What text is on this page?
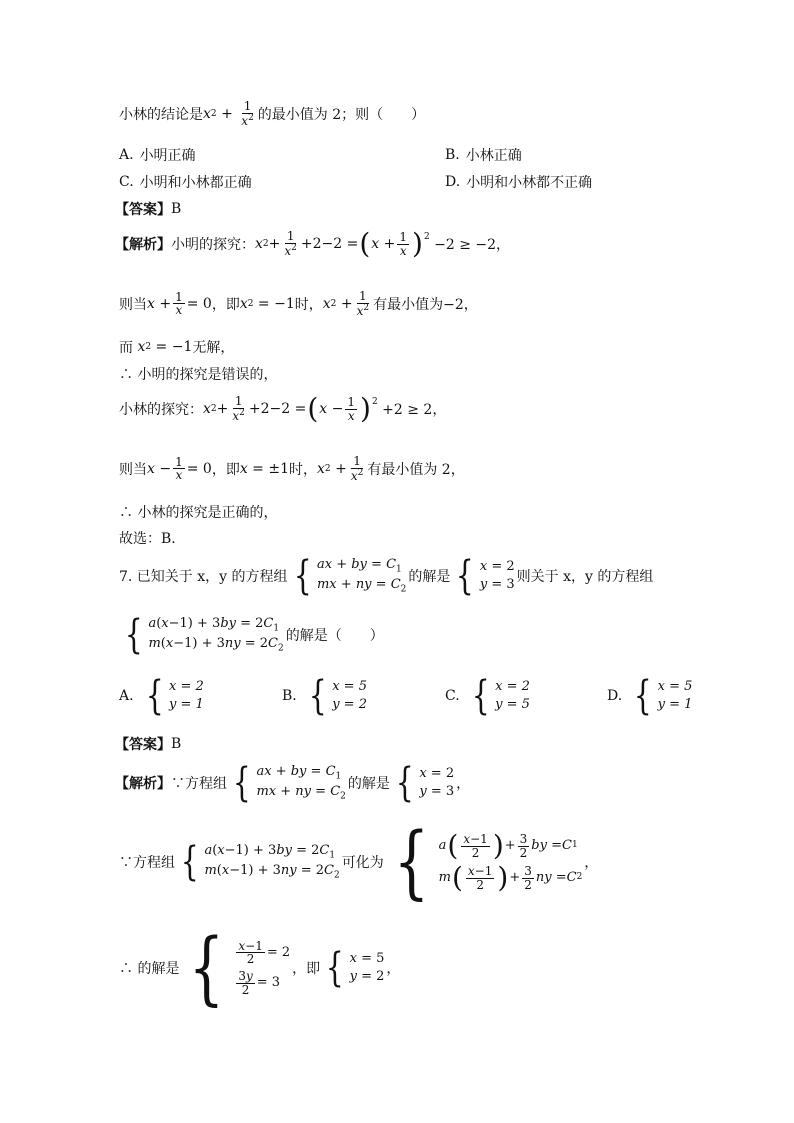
小林的结论是 x $2 + \frac{1}{x^2}$ 的最小值为 2；则（　　）
A. 小明正确	B. 小林正确
C. 小明和小林都正确	D. 小明和小林都不正确
【答案】 B
【解析】 小明的探究： x $2 + \frac{1}{x^2} +2-2$ = ( $x + \frac{1}{x} )^2 -2 \ge -2$，
则当 $x + \frac{1}{x} = 0$ ，即 x 2 = −1 时， x $2 + \frac{1}{x^2}$ 有最小值为 −2，
而
x 2 = −1 无解，
∴ 小明的探究是错误的，
小林的探究： x $2 + \frac{1}{x^2} +2-2$ = ( $x - \frac{1}{x} )^2 +2 \ge 2$，
则当 $x - \frac{1}{x} = 0$ ，即 x = ±1 时， x $2 + \frac{1}{x^2}$ 有最小值为 2，
∴ 小林的探究是正确的，
故选：B．
7. 已知关于 x，y 的方程组 { ax + by = $C_1$
mx + ny = $C_2$
的解是 { x = 2
y = 3 则关于 x，y 的方程组
{ $a(x-1) + 3by = 2C_1$
$m(x-1) + 3ny = 2C_2$
的解是（　　）
A. { x = 2
y = 1
B. { x = 5
y = 2
C. { x = 2
y = 5
D. { x = 5
y = 1
【答案】 B
【解析】 ∵方程组 { ax + by = $C_1$
mx + ny = $C_2$
的解是 { x = 2
y = 3 ，
∵方程组 { $a(x-1) + 3by = 2C_1$
$m(x-1) + 3ny = 2C_2$
可化为 { a ( $\frac{x-1}{2}$ ) + $\frac{3}{2}$ by = C 1
m ( $\frac{x-1}{2}$ ) + $\frac{3}{2}$ ny = C 2
，
∴ 的解是 { $\frac{x-1}{2} = 2$
$\frac{3y}{2} = 3$
，即 { x = 5
y = 2 ，
